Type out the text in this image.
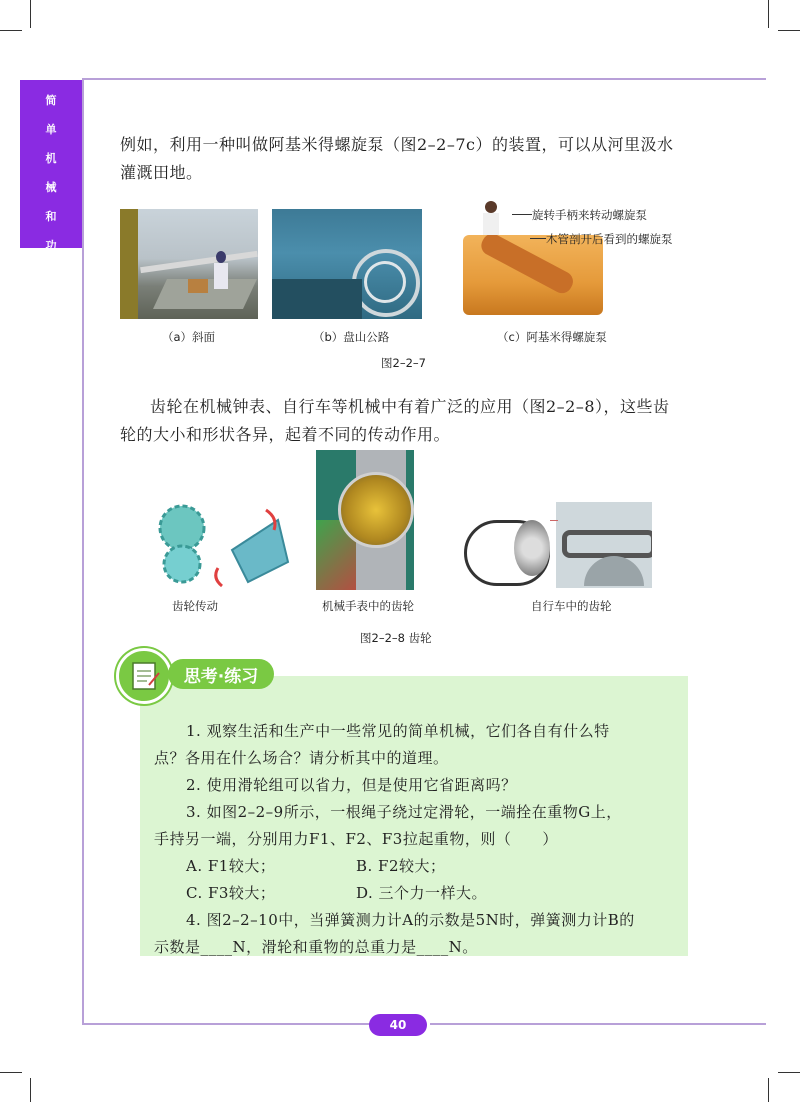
简
单
机
械
和
功
例如，利用一种叫做阿基米得螺旋泵（图2–2–7c）的装置，可以从河里汲水
灌溉田地。
旋转手柄来转动螺旋泵
木管剖开后看到的螺旋泵
（a）斜面	（b）盘山公路	（c）阿基米得螺旋泵
图2–2–7
齿轮在机械钟表、自行车等机械中有着广泛的应用（图2–2–8），这些齿
轮的大小和形状各异，起着不同的传动作用。
齿轮传动	机械手表中的齿轮	自行车中的齿轮
图2–2–8 齿轮
思考·练习
1. 观察生活和生产中一些常见的简单机械，它们各自有什么特
点？各用在什么场合？请分析其中的道理。
2. 使用滑轮组可以省力，但是使用它省距离吗？
3. 如图2–2–9所示，一根绳子绕过定滑轮，一端拴在重物G上，
手持另一端，分别用力F1、F2、F3拉起重物，则（　　）
A. F1较大；	B. F2较大；
C. F3较大；	D. 三个力一样大。
4. 图2–2–10中，当弹簧测力计A的示数是5N时，弹簧测力计B的
示数是____N，滑轮和重物的总重力是____N。
40
